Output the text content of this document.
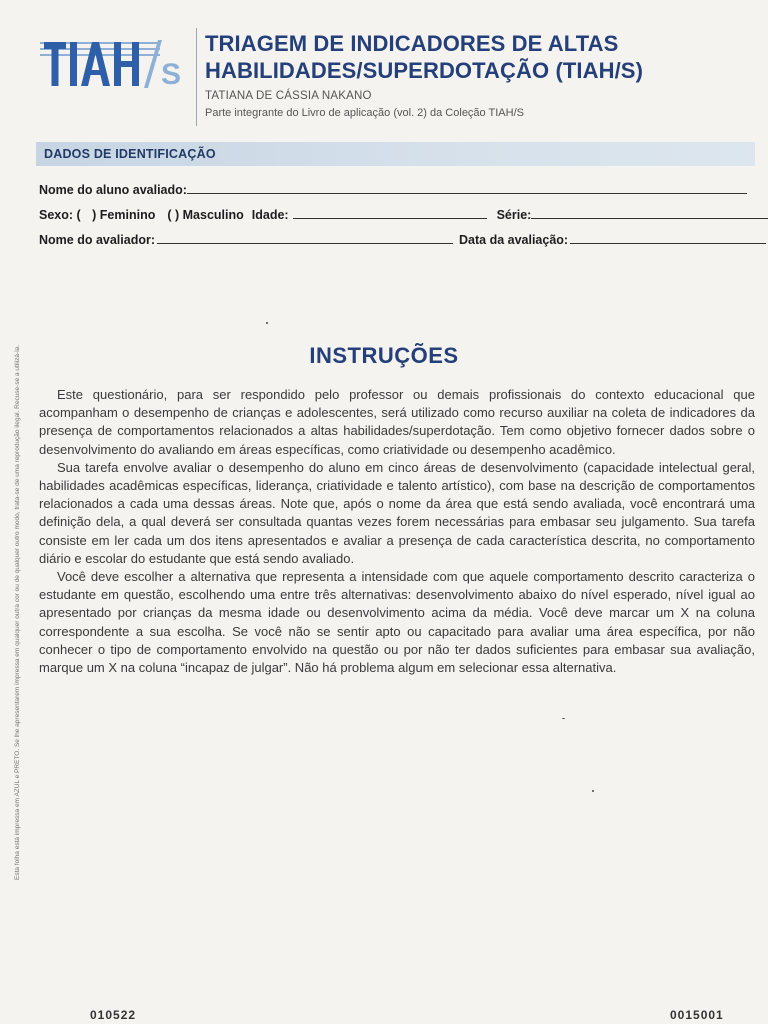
S
TRIAGEM DE INDICADORES DE ALTAS
HABILIDADES/SUPERDOTAÇÃO (TIAH/S)
TATIANA DE CÁSSIA NAKANO
Parte integrante do Livro de aplicação (vol. 2) da Coleção TIAH/S
DADOS DE IDENTIFICAÇÃO
Nome do aluno avaliado:
Sexo: ( ) Feminino ( ) Masculino Idade:	Série:
Nome do avaliador:	Data da avaliação:
INSTRUÇÕES

Este questionário, para ser respondido pelo professor ou demais profissionais do contexto educacional que acompanham o desempenho de crianças e adolescentes, será utilizado como recurso auxiliar na coleta de indicadores da presença de comportamentos relacionados a altas habilidades/superdotação. Tem como objetivo fornecer dados sobre o desenvolvimento do avaliando em áreas específicas, como criatividade ou desempenho acadêmico.

Sua tarefa envolve avaliar o desempenho do aluno em cinco áreas de desenvolvimento (capacidade intelectual geral, habilidades acadêmicas específicas, liderança, criatividade e talento artístico), com base na descrição de comportamentos relacionados a cada uma dessas áreas. Note que, após o nome da área que está sendo avaliada, você encontrará uma definição dela, a qual deverá ser consultada quantas vezes forem necessárias para embasar seu julgamento. Sua tarefa consiste em ler cada um dos itens apresentados e avaliar a presença de cada característica descrita, no comportamento diário e escolar do estudante que está sendo avaliado.

Você deve escolher a alternativa que representa a intensidade com que aquele comportamento descrito caracteriza o estudante em questão, escolhendo uma entre três alternativas: desenvolvimento abaixo do nível esperado, nível igual ao apresentado por crianças da mesma idade ou desenvolvimento acima da média. Você deve marcar um X na coluna correspondente a sua escolha. Se você não se sentir apto ou capacitado para avaliar uma área específica, por não conhecer o tipo de comportamento envolvido na questão ou por não ter dados suficientes para embasar sua avaliação, marque um X na coluna “incapaz de julgar”. Não há problema algum em selecionar essa alternativa.

Esta folha está impressa em AZUL e PRETO. Se lhe apresentarem impressa em qualquer outra cor ou de qualquer outro modo, trata-se de uma reprodução ilegal. Recuse-se a utilizá-la.
010522	0015001
